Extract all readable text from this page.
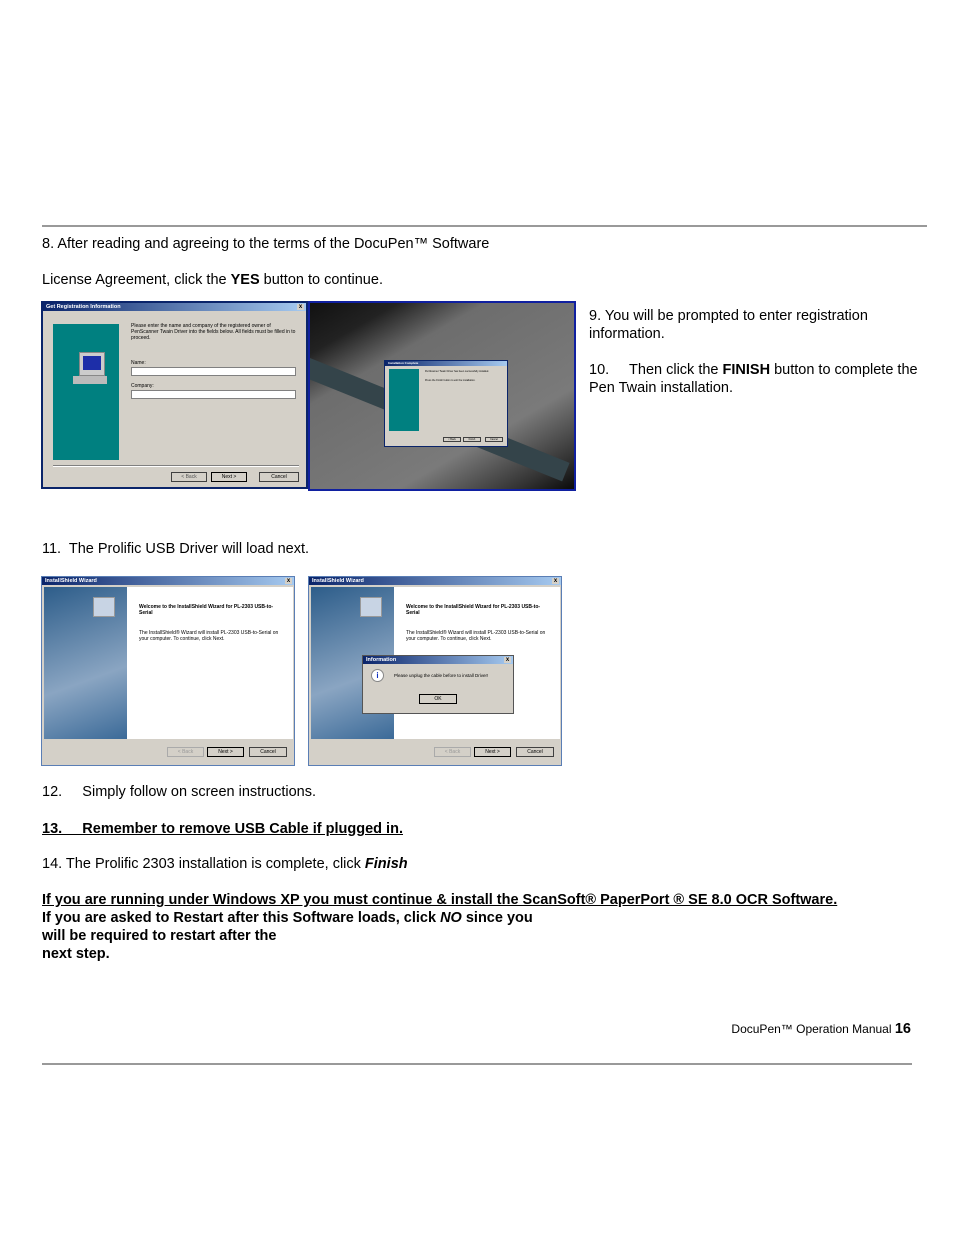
8. After reading and agreeing to the terms of the DocuPen™ Software
License Agreement, click the YES button to continue.
Get Registration Information	x
Please enter the name and company of the registered owner of PenScanner Twain Driver into the fields below. All fields must be filled in to proceed.
Name:
Company:
< Back	Next >	Cancel
Installation Complete
PenScanner Twain Driver has been successfully installed.
Press the Finish button to exit the installation.
< Back	Finish	Cancel
9. You will be prompted to enter registration information.
10.     Then click the FINISH button to complete the Pen Twain installation.
11.  The Prolific USB Driver will load next.
InstallShield Wizard	x
Welcome to the InstallShield Wizard for PL-2303 USB-to-Serial
The InstallShield® Wizard will install PL-2303 USB-to-Serial on your computer. To continue, click Next.
< Back	Next >	Cancel
InstallShield Wizard	x
Welcome to the InstallShield Wizard for PL-2303 USB-to-Serial
The InstallShield® Wizard will install PL-2303 USB-to-Serial on your computer. To continue, click Next.
< Back	Next >	Cancel
Information	x
i	Please unplug the cable before to install Driver!
OK
12.     Simply follow on screen instructions.
13.     Remember to remove USB Cable if plugged in.
14. The Prolific 2303 installation is complete, click Finish
If you are running under Windows XP you must continue & install the ScanSoft® PaperPort ® SE 8.0 OCR Software.
If you are asked to Restart after this Software loads, click NO since you
will be required to restart after the
next step.
DocuPen™ Operation Manual 16
